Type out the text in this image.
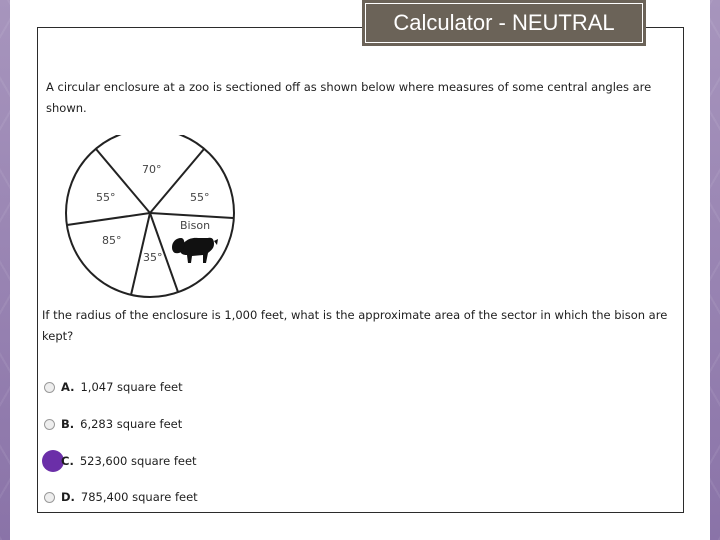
Calculator - NEUTRAL

A circular enclosure at a zoo is sectioned off as shown below where measures of some central angles are shown.

70°
55°	55°
85°
35°
Bison

If the radius of the enclosure is 1,000 feet, what is the approximate area of the sector in which the bison are kept?

A. 1,047 square feet
B. 6,283 square feet
C. 523,600 square feet
D. 785,400 square feet
